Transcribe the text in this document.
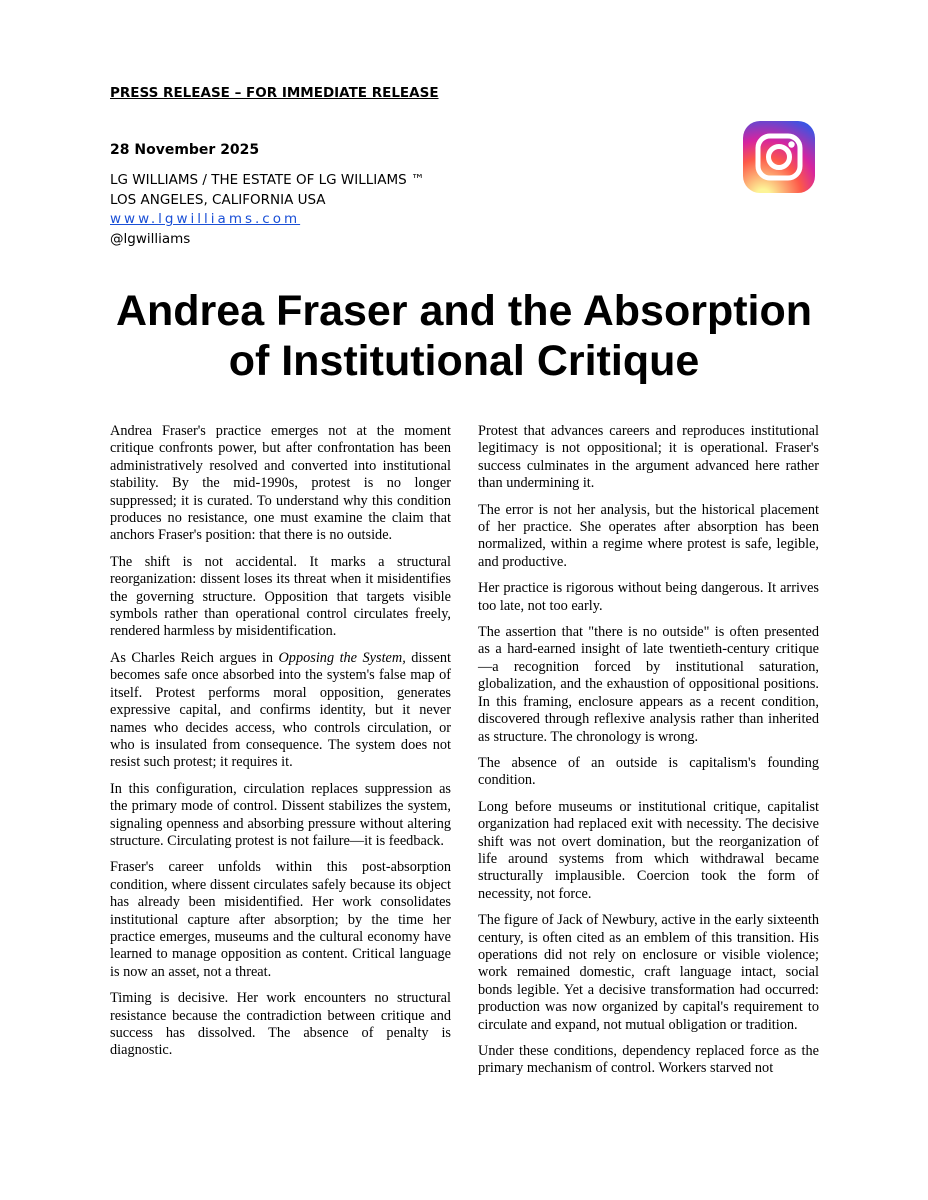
PRESS RELEASE – FOR IMMEDIATE RELEASE
28 November 2025
LG WILLIAMS / THE ESTATE OF LG WILLIAMS ™
LOS ANGELES, CALIFORNIA USA
www.lgwilliams.com
@lgwilliams
Andrea Fraser and the Absorption
of Institutional Critique

Andrea Fraser's practice emerges not at the moment critique confronts power, but after confrontation has been administratively resolved and converted into institutional stability. By the mid-1990s, protest is no longer suppressed; it is curated. To understand why this condition produces no resistance, one must examine the claim that anchors Fraser's position: that there is no outside.

The shift is not accidental. It marks a structural reorganization: dissent loses its threat when it misidentifies the governing structure. Opposition that targets visible symbols rather than operational control circulates freely, rendered harmless by misidentification.

As Charles Reich argues in Opposing the System, dissent becomes safe once absorbed into the system's false map of itself. Protest performs moral opposition, generates expressive capital, and confirms identity, but it never names who decides access, who controls circulation, or who is insulated from consequence. The system does not resist such protest; it requires it.

In this configuration, circulation replaces suppression as the primary mode of control. Dissent stabilizes the system, signaling openness and absorbing pressure without altering structure. Circulating protest is not failure—it is feedback.

Fraser's career unfolds within this post-absorption condition, where dissent circulates safely because its object has already been misidentified. Her work consolidates institutional capture after absorption; by the time her practice emerges, museums and the cultural economy have learned to manage opposition as content. Critical language is now an asset, not a threat.

Timing is decisive. Her work encounters no structural resistance because the contradiction between critique and success has dissolved. The absence of penalty is diagnostic.

Protest that advances careers and reproduces institutional legitimacy is not oppositional; it is operational. Fraser's success culminates in the argument advanced here rather than undermining it.

The error is not her analysis, but the historical placement of her practice. She operates after absorption has been normalized, within a regime where protest is safe, legible, and productive.

Her practice is rigorous without being dangerous. It arrives too late, not too early.

The assertion that "there is no outside" is often presented as a hard-earned insight of late twentieth-century critique—a recognition forced by institutional saturation, globalization, and the exhaustion of oppositional positions. In this framing, enclosure appears as a recent condition, discovered through reflexive analysis rather than inherited as structure. The chronology is wrong.

The absence of an outside is capitalism's founding condition.

Long before museums or institutional critique, capitalist organization had replaced exit with necessity. The decisive shift was not overt domination, but the reorganization of life around systems from which withdrawal became structurally implausible. Coercion took the form of necessity, not force.

The figure of Jack of Newbury, active in the early sixteenth century, is often cited as an emblem of this transition. His operations did not rely on enclosure or visible violence; work remained domestic, craft language intact, social bonds legible. Yet a decisive transformation had occurred: production was now organized by capital's requirement to circulate and expand, not mutual obligation or tradition.

Under these conditions, dependency replaced force as the primary mechanism of control. Workers starved not
